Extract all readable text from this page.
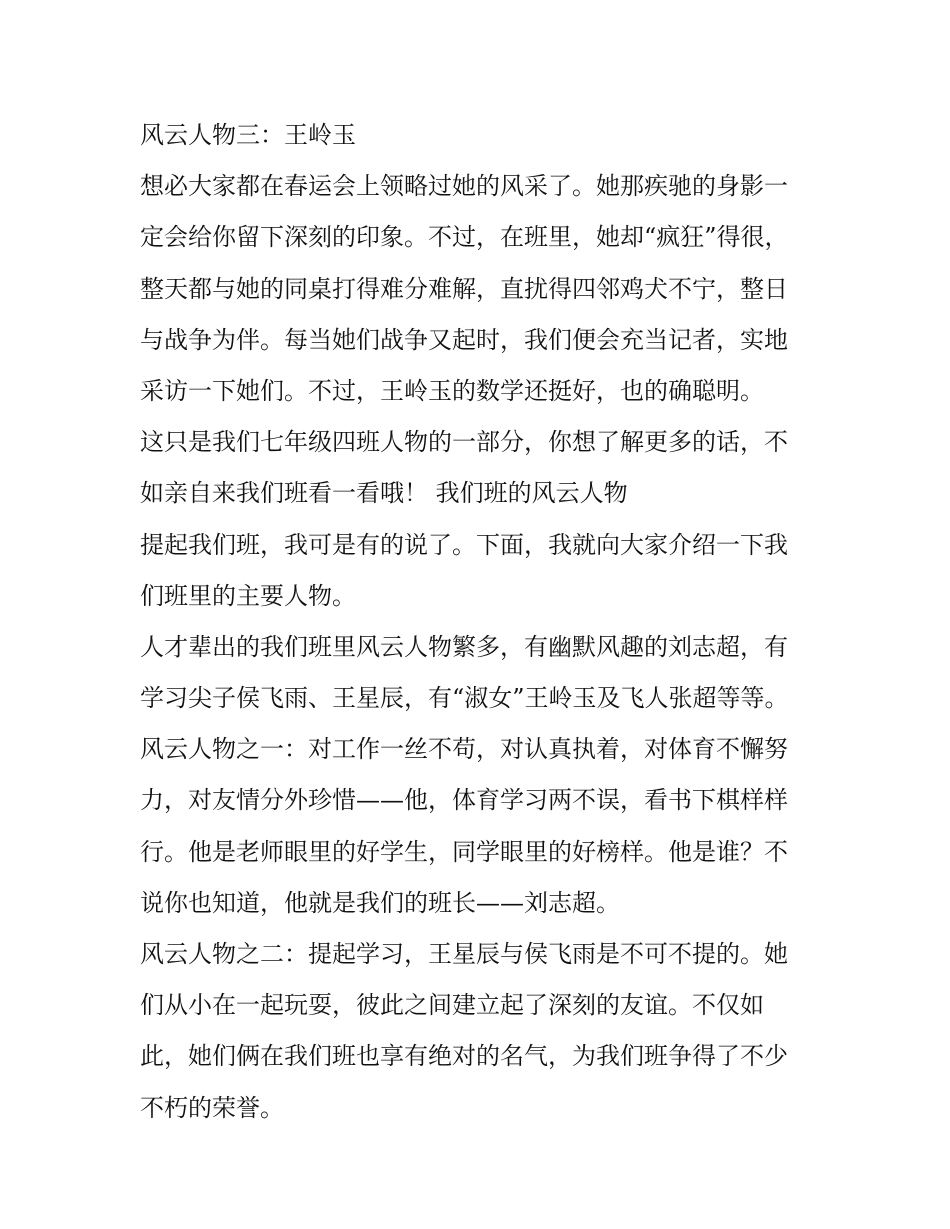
风云人物三：王岭玉
想必大家都在春运会上领略过她的风采了。她那疾驰的身影一
定会给你留下深刻的印象。不过，在班里，她却“疯狂”得很，
整天都与她的同桌打得难分难解，直扰得四邻鸡犬不宁，整日
与战争为伴。每当她们战争又起时，我们便会充当记者，实地
采访一下她们。不过，王岭玉的数学还挺好，也的确聪明。
这只是我们七年级四班人物的一部分，你想了解更多的话，不
如亲自来我们班看一看哦！ 我们班的风云人物
提起我们班，我可是有的说了。下面，我就向大家介绍一下我
们班里的主要人物。
人才辈出的我们班里风云人物繁多，有幽默风趣的刘志超，有
学习尖子侯飞雨、王星辰，有“淑女”王岭玉及飞人张超等等。
风云人物之一：对工作一丝不苟，对认真执着，对体育不懈努
力，对友情分外珍惜——他，体育学习两不误，看书下棋样样
行。他是老师眼里的好学生，同学眼里的好榜样。他是谁？不
说你也知道，他就是我们的班长——刘志超。
风云人物之二：提起学习，王星辰与侯飞雨是不可不提的。她
们从小在一起玩耍，彼此之间建立起了深刻的友谊。不仅如
此，她们俩在我们班也享有绝对的名气，为我们班争得了不少
不朽的荣誉。
